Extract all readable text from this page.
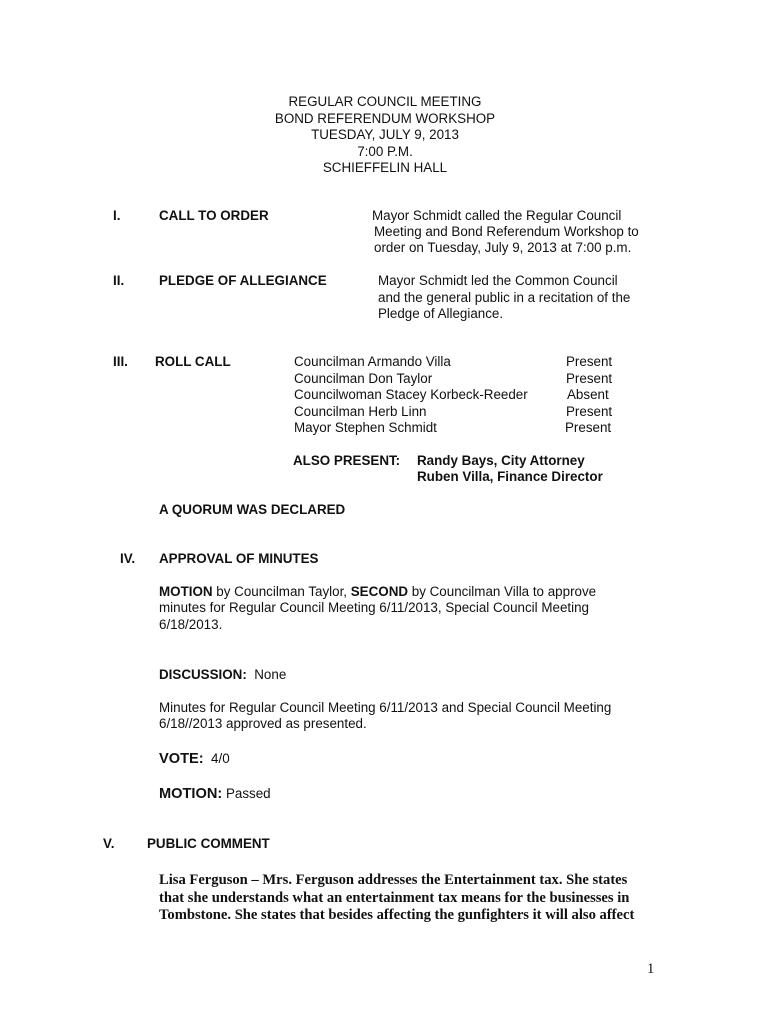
REGULAR COUNCIL MEETING
BOND REFERENDUM WORKSHOP
TUESDAY, JULY 9, 2013
7:00 P.M.
SCHIEFFELIN HALL
I.	CALL TO ORDER	Mayor Schmidt called the Regular Council
Meeting and Bond Referendum Workshop to
order on Tuesday, July 9, 2013 at 7:00 p.m.
II.	PLEDGE OF ALLEGIANCE	Mayor Schmidt led the Common Council
and the general public in a recitation of the
Pledge of Allegiance.
III. ROLL CALL	Councilman Armando Villa	Present
Councilman Don Taylor	Present
Councilwoman Stacey Korbeck-Reeder	Absent
Councilman Herb Linn	Present
Mayor Stephen Schmidt	Present
ALSO PRESENT: Randy Bays, City Attorney
Ruben Villa, Finance Director
A QUORUM WAS DECLARED
IV. APPROVAL OF MINUTES
MOTION by Councilman Taylor, SECOND by Councilman Villa to approve
minutes for Regular Council Meeting 6/11/2013, Special Council Meeting
6/18/2013.
DISCUSSION: None
Minutes for Regular Council Meeting 6/11/2013 and Special Council Meeting
6/18//2013 approved as presented.
VOTE: 4/0
MOTION: Passed
V. PUBLIC COMMENT
Lisa Ferguson – Mrs. Ferguson addresses the Entertainment tax. She states
that she understands what an entertainment tax means for the businesses in
Tombstone. She states that besides affecting the gunfighters it will also affect
1
